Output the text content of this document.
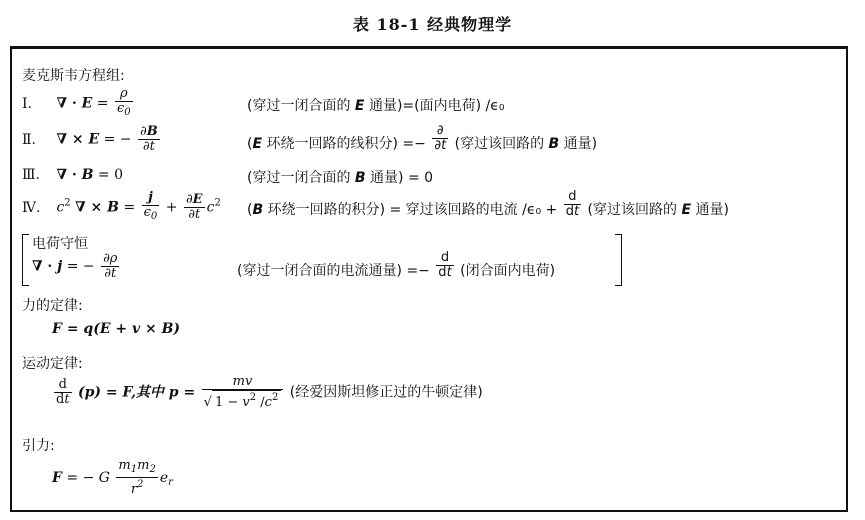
表 18-1 经典物理学
麦克斯韦方程组:
Ⅰ. ∇ · $E = \frac{\rho}{\epsilon_0}$	(穿过一闭合面的 E 通量)=(面内电荷) /ϵ₀
Ⅱ. ∇ × E = − $\frac{\partial B}{\partial t}$	(E 环绕一回路的线积分) =− $\frac{\partial}{\partial t}$ (穿过该回路的 B 通量)
Ⅲ. ∇ · B = 0	(穿过一闭合面的 B 通量) = 0
Ⅳ. $c^2$ ∇ × $B = \frac{j}{\epsilon_0} + \frac{\partial E}{\partial t} c^2$ (B 环绕一回路的积分) = 穿过该回路的电流 $/\epsilon_0 + \frac{d}{dt}$ (穿过该回路的 E 通量)
电荷守恒
∇ · j = − $\frac{\partial\rho}{\partial t}$	(穿过一闭合面的电流通量) =− $\frac{d}{dt}$ (闭合面内电荷)
力的定律:
F = q(E + v × B)
运动定律:
$\frac{d}{dt} (p) = F$,其中 $p = \frac{mv}{√ 1 - v^2 /c^2}$ (经爱因斯坦修正过的牛顿定律)
引力:
F = − G $\frac{m_1m_2}{r^2} e_r$
